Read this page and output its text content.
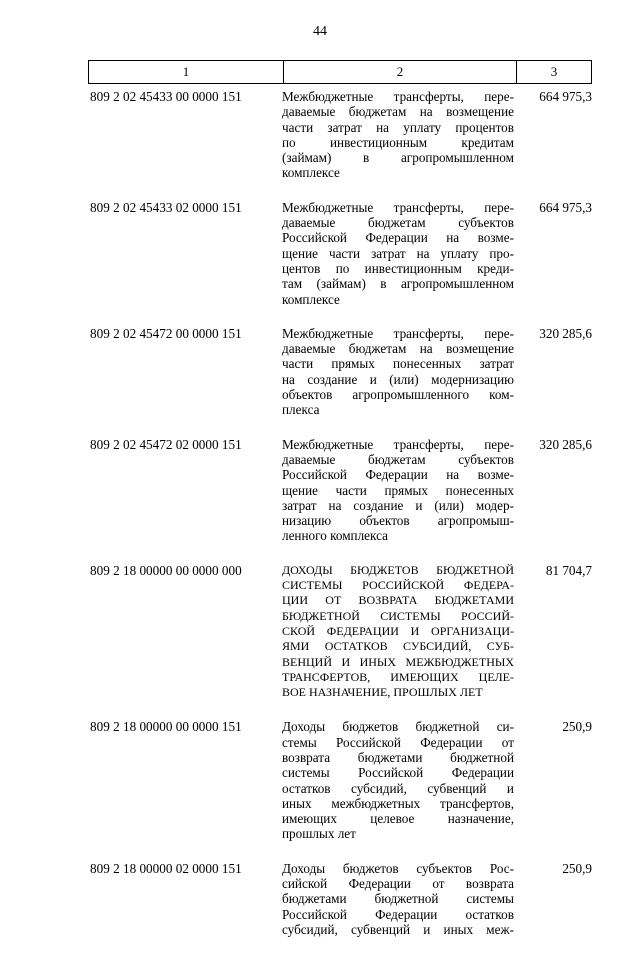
44
1	2	3
809 2 02 45433 00 0000 151	Межбюджетные трансферты, пере-
даваемые бюджетам на возмещение
части затрат на уплату процентов
по инвестиционным кредитам
(займам) в агропромышленном
комплексе
664 975,3
809 2 02 45433 02 0000 151	Межбюджетные трансферты, пере-
даваемые бюджетам субъектов
Российской Федерации на возме-
щение части затрат на уплату про-
центов по инвестиционным креди-
там (займам) в агропромышленном
комплексе
664 975,3
809 2 02 45472 00 0000 151	Межбюджетные трансферты, пере-
даваемые бюджетам на возмещение
части прямых понесенных затрат
на создание и (или) модернизацию
объектов агропромышленного ком-
плекса
320 285,6
809 2 02 45472 02 0000 151	Межбюджетные трансферты, пере-
даваемые бюджетам субъектов
Российской Федерации на возме-
щение части прямых понесенных
затрат на создание и (или) модер-
низацию объектов агропромыш-
ленного комплекса
320 285,6
809 2 18 00000 00 0000 000	ДОХОДЫ БЮДЖЕТОВ БЮДЖЕТНОЙ
СИСТЕМЫ РОССИЙСКОЙ ФЕДЕРА-
ЦИИ ОТ ВОЗВРАТА БЮДЖЕТАМИ
БЮДЖЕТНОЙ СИСТЕМЫ РОССИЙ-
СКОЙ ФЕДЕРАЦИИ И ОРГАНИЗАЦИ-
ЯМИ ОСТАТКОВ СУБСИДИЙ, СУБ-
ВЕНЦИЙ И ИНЫХ МЕЖБЮДЖЕТНЫХ
ТРАНСФЕРТОВ, ИМЕЮЩИХ ЦЕЛЕ-
ВОЕ НАЗНАЧЕНИЕ, ПРОШЛЫХ ЛЕТ
81 704,7
809 2 18 00000 00 0000 151	Доходы бюджетов бюджетной си-
стемы Российской Федерации от
возврата бюджетами бюджетной
системы Российской Федерации
остатков субсидий, субвенций и
иных межбюджетных трансфертов,
имеющих целевое назначение,
прошлых лет
250,9
809 2 18 00000 02 0000 151	Доходы бюджетов субъектов Рос-
сийской Федерации от возврата
бюджетами бюджетной системы
Российской Федерации остатков
субсидий, субвенций и иных меж-
250,9
